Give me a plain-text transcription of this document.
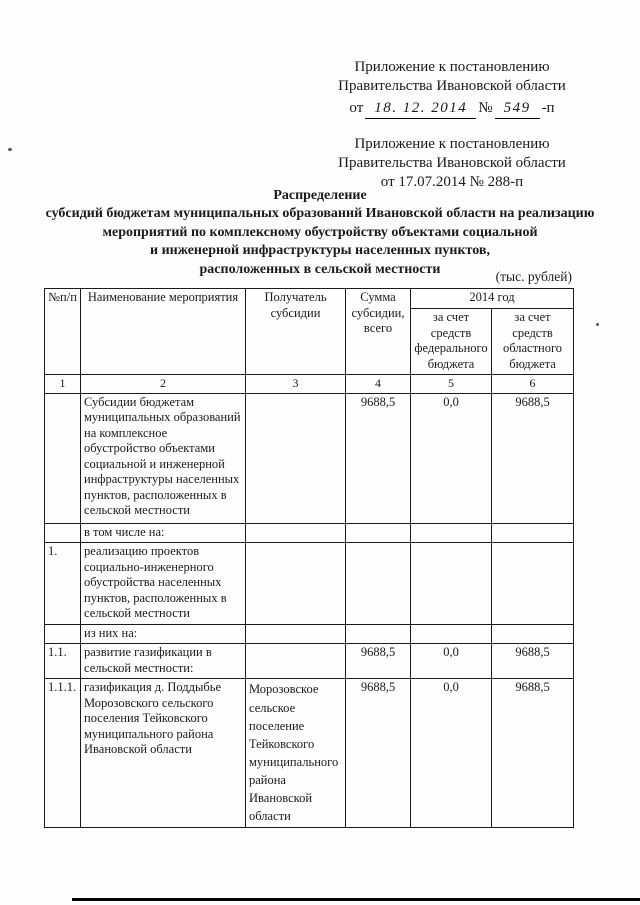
Приложение к постановлению
Правительства Ивановской области
от 18. 12. 2014 № 549 -п
Приложение к постановлению
Правительства Ивановской области
от 17.07.2014 № 288-п
Распределение
субсидий бюджетам муниципальных образований Ивановской области на реализацию
мероприятий по комплексному обустройству объектами социальной
и инженерной инфраструктуры населенных пунктов,
расположенных в сельской местности	(тыс. рублей)
№п/п	Наименование мероприятия	Получатель субсидии	Сумма субсидии, всего	2014 год	
				за счет средств федерального бюджета	за счет средств областного бюджета
1	2	3	4	5	6
	Субсидии бюджетам муниципальных образований на комплексное обустройство объектами социальной и инженерной инфраструктуры населенных пунктов, расположенных в сельской местности		9688,5	0,0	9688,5
	в том числе на:				
1.	реализацию проектов социально-инженерного обустройства населенных пунктов, расположенных в сельской местности				
	из них на:				
1.1.	развитие газификации в сельской местности:		9688,5	0,0	9688,5
1.1.1.	газификация д. Поддыбье Морозовского сельского поселения Тейковского муниципального района Ивановской области	Морозовское сельское поселение Тейковского муниципального района Ивановской области	9688,5	0,0	9688,5
